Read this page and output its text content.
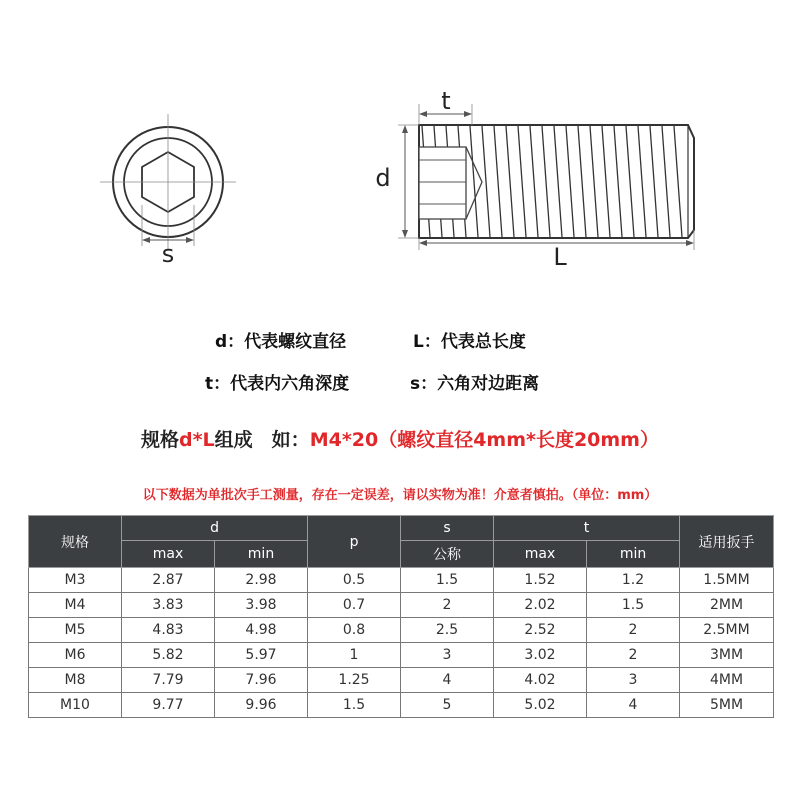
s
t
d
L
d：代表螺纹直径	L：代表总长度
t：代表内六角深度	s：六角对边距离
规格d*L组成　如：M4*20（螺纹直径4mm*长度20mm）
以下数据为单批次手工测量，存在一定误差，请以实物为准！介意者慎拍。（单位：mm）
规格	d		p	s	t		适用扳手
	max	min		公称	max	min	
M3	2.87	2.98	0.5	1.5	1.52	1.2	1.5MM
M4	3.83	3.98	0.7	2	2.02	1.5	2MM
M5	4.83	4.98	0.8	2.5	2.52	2	2.5MM
M6	5.82	5.97	1	3	3.02	2	3MM
M8	7.79	7.96	1.25	4	4.02	3	4MM
M10	9.77	9.96	1.5	5	5.02	4	5MM
